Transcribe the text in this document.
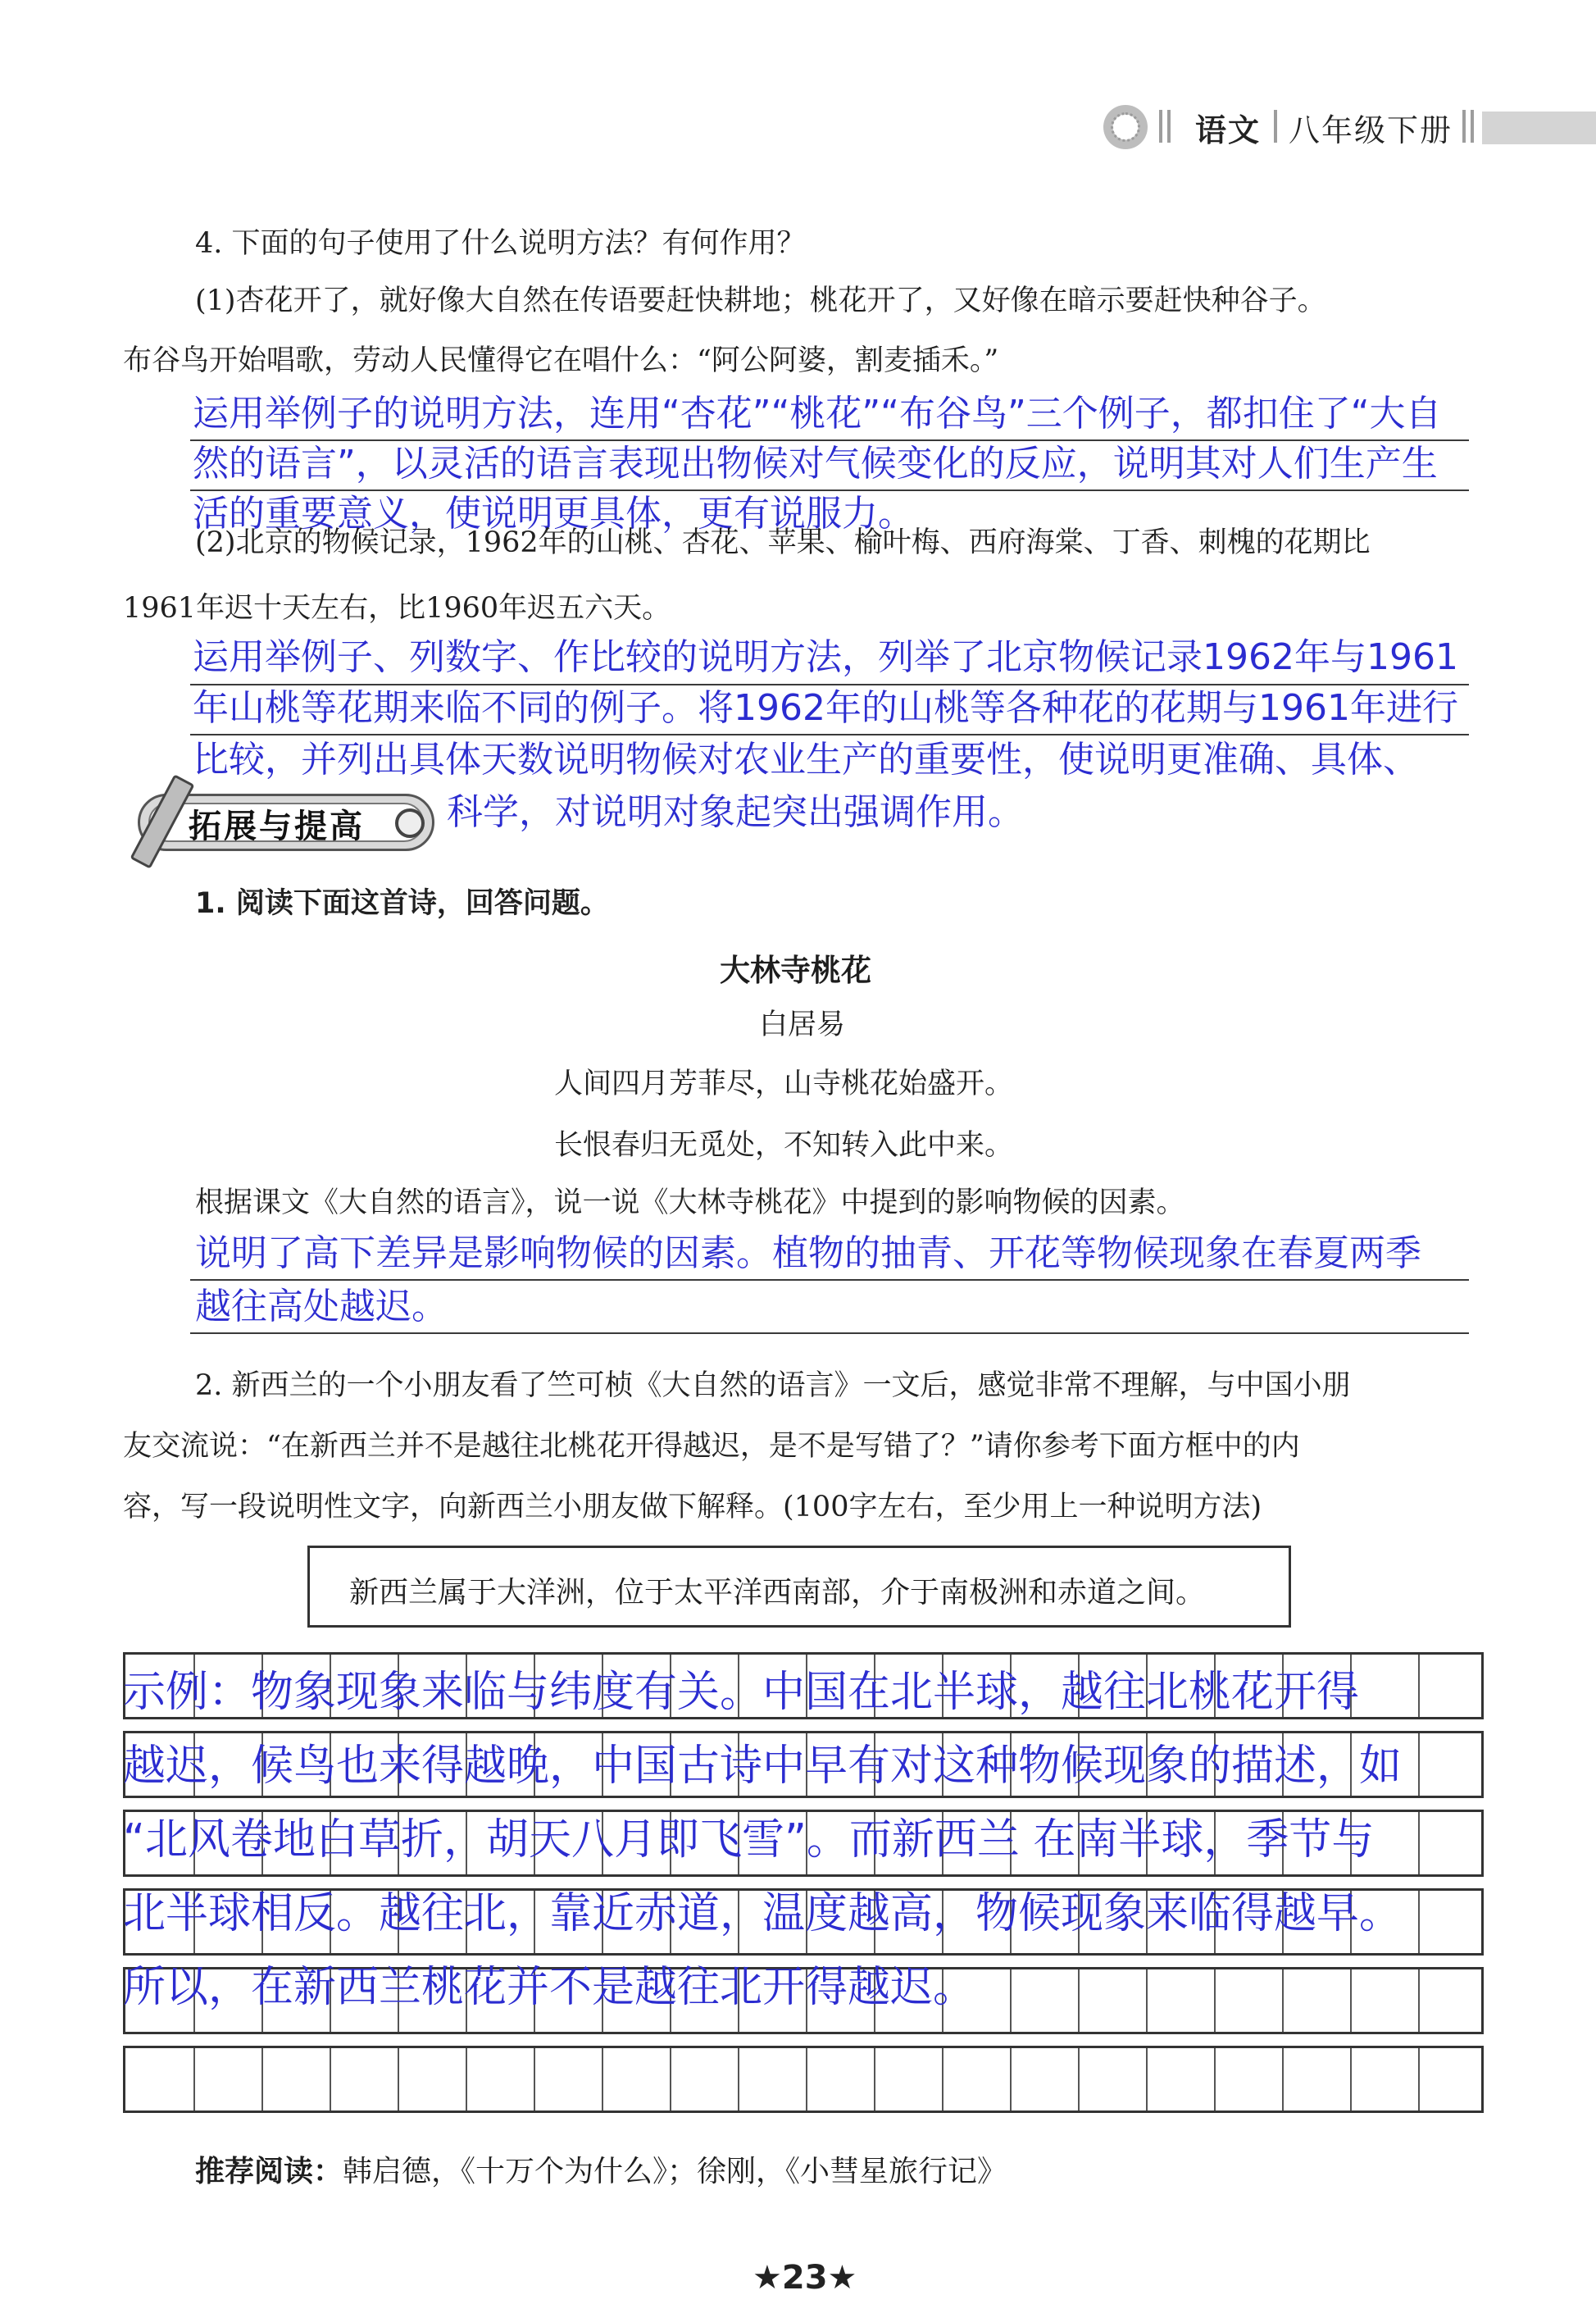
语文 八年级下册
4. 下面的句子使用了什么说明方法？有何作用？
(1)杏花开了，就好像大自然在传语要赶快耕地；桃花开了，又好像在暗示要赶快种谷子。
布谷鸟开始唱歌，劳动人民懂得它在唱什么：“阿公阿婆，割麦插禾。”
运用举例子的说明方法，连用“杏花”“桃花”“布谷鸟”三个例子，都扣住了“大自
然的语言”，以灵活的语言表现出物候对气候变化的反应，说明其对人们生产生
活的重要意义，使说明更具体，更有说服力。
(2)北京的物候记录，1962年的山桃、杏花、苹果、榆叶梅、西府海棠、丁香、刺槐的花期比
1961年迟十天左右，比1960年迟五六天。
运用举例子、列数字、作比较的说明方法，列举了北京物候记录1962年与1961
年山桃等花期来临不同的例子。将1962年的山桃等各种花的花期与1961年进行
比较，并列出具体天数说明物候对农业生产的重要性，使说明更准确、具体、
科学，对说明对象起突出强调作用。
拓展与提高
1. 阅读下面这首诗，回答问题。
大林寺桃花
白居易
人间四月芳菲尽，山寺桃花始盛开。
长恨春归无觅处，不知转入此中来。
根据课文《大自然的语言》，说一说《大林寺桃花》中提到的影响物候的因素。
说明了高下差异是影响物候的因素。植物的抽青、开花等物候现象在春夏两季
越往高处越迟。
2. 新西兰的一个小朋友看了竺可桢《大自然的语言》一文后，感觉非常不理解，与中国小朋
友交流说：“在新西兰并不是越往北桃花开得越迟，是不是写错了？”请你参考下面方框中的内
容，写一段说明性文字，向新西兰小朋友做下解释。(100字左右，至少用上一种说明方法)
新西兰属于大洋洲，位于太平洋西南部，介于南极洲和赤道之间。
示例：物象现象来临与纬度有关。中国在北半球，越往北桃花开得
越迟，候鸟也来得越晚，中国古诗中早有对这种物候现象的描述，如
“北风卷地白草折，胡天八月即飞雪”。而新西兰 在南半球，季节与
北半球相反。越往北，靠近赤道，温度越高，物候现象来临得越早。
所以，在新西兰桃花并不是越往北开得越迟。
推荐阅读：韩启德，《十万个为什么》；徐刚，《小彗星旅行记》
★23★
